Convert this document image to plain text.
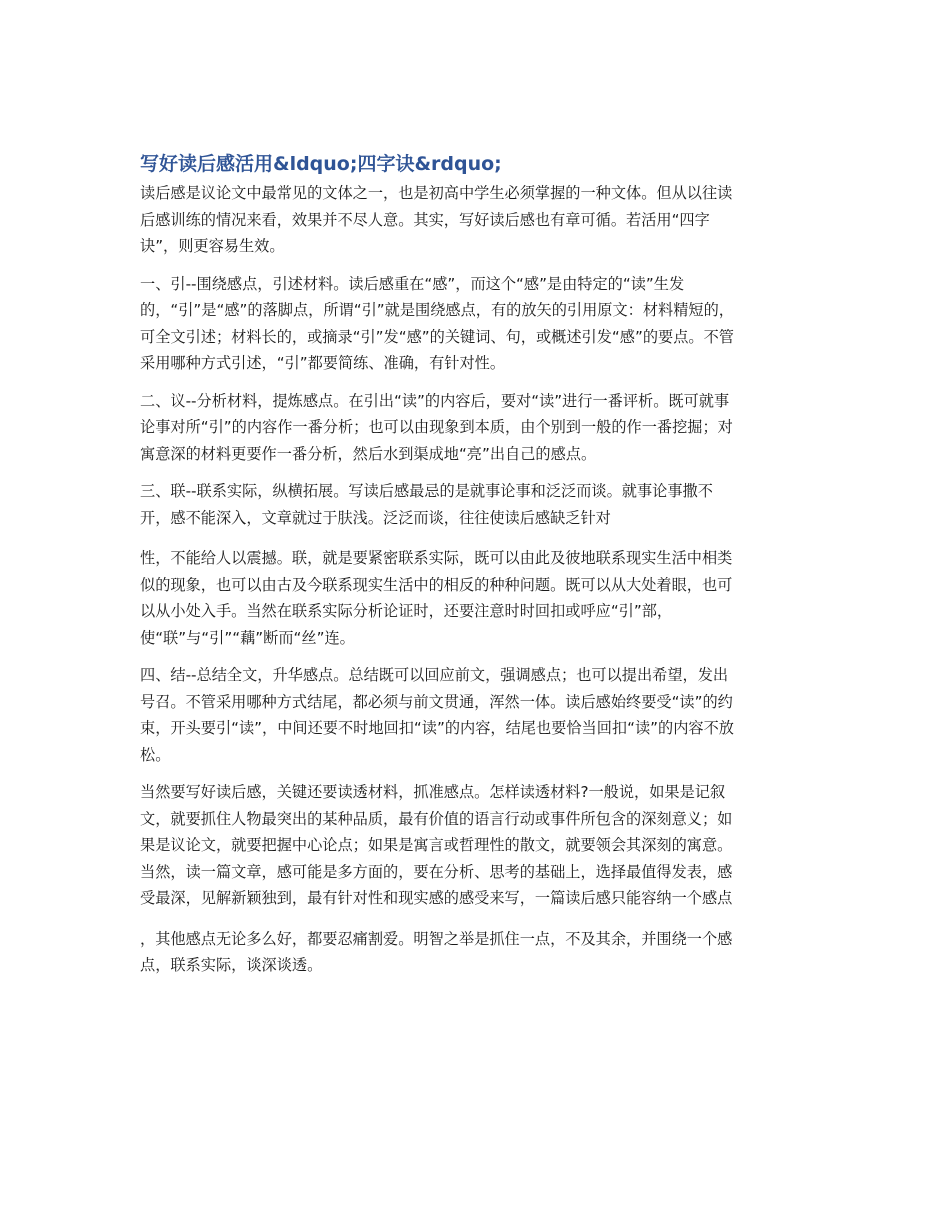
写好读后感活用&ldquo;四字诀&rdquo;
读后感是议论文中最常见的文体之一，也是初高中学生必须掌握的一种文体。但从以往读
后感训练的情况来看，效果并不尽人意。其实，写好读后感也有章可循。若活用“四字
诀”，则更容易生效。
一、引--围绕感点，引述材料。读后感重在“感”，而这个“感”是由特定的“读”生发
的，“引”是“感”的落脚点，所谓“引”就是围绕感点，有的放矢的引用原文：材料精短的，
可全文引述；材料长的，或摘录“引”发“感”的关键词、句，或概述引发“感”的要点。不管
采用哪种方式引述，“引”都要简练、准确，有针对性。
二、议--分析材料，提炼感点。在引出“读”的内容后，要对“读”进行一番评析。既可就事
论事对所“引”的内容作一番分析；也可以由现象到本质，由个别到一般的作一番挖掘；对
寓意深的材料更要作一番分析，然后水到渠成地“亮”出自己的感点。
三、联--联系实际，纵横拓展。写读后感最忌的是就事论事和泛泛而谈。就事论事撒不
开，感不能深入，文章就过于肤浅。泛泛而谈，往往使读后感缺乏针对
性，不能给人以震撼。联，就是要紧密联系实际，既可以由此及彼地联系现实生活中相类
似的现象，也可以由古及今联系现实生活中的相反的种种问题。既可以从大处着眼，也可
以从小处入手。当然在联系实际分析论证时，还要注意时时回扣或呼应“引”部，
使“联”与“引”“藕”断而“丝”连。
四、结--总结全文，升华感点。总结既可以回应前文，强调感点；也可以提出希望，发出
号召。不管采用哪种方式结尾，都必须与前文贯通，浑然一体。读后感始终要受“读”的约
束，开头要引“读”，中间还要不时地回扣“读”的内容，结尾也要恰当回扣“读”的内容不放
松。
当然要写好读后感，关键还要读透材料，抓准感点。怎样读透材料?一般说，如果是记叙
文，就要抓住人物最突出的某种品质，最有价值的语言行动或事件所包含的深刻意义；如
果是议论文，就要把握中心论点；如果是寓言或哲理性的散文，就要领会其深刻的寓意。
当然，读一篇文章，感可能是多方面的，要在分析、思考的基础上，选择最值得发表，感
受最深，见解新颖独到，最有针对性和现实感的感受来写，一篇读后感只能容纳一个感点
，其他感点无论多么好，都要忍痛割爱。明智之举是抓住一点，不及其余，并围绕一个感
点，联系实际，谈深谈透。
